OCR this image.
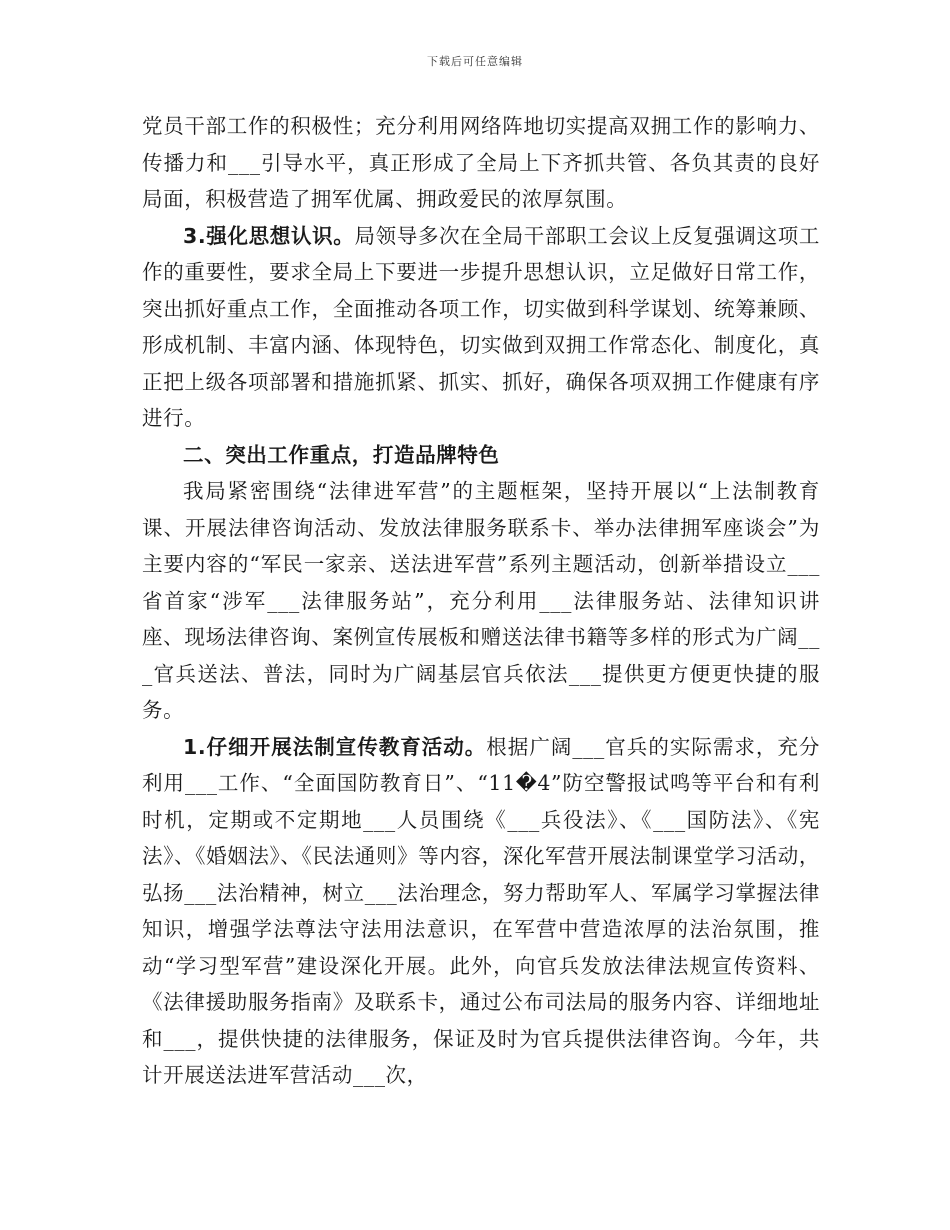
下载后可任意编辑

党员干部工作的积极性；充分利用网络阵地切实提高双拥工作的影响力、传播力和___引导水平，真正形成了全局上下齐抓共管、各负其责的良好局面，积极营造了拥军优属、拥政爱民的浓厚氛围。

3.强化思想认识。局领导多次在全局干部职工会议上反复强调这项工作的重要性，要求全局上下要进一步提升思想认识，立足做好日常工作，突出抓好重点工作，全面推动各项工作，切实做到科学谋划、统筹兼顾、形成机制、丰富内涵、体现特色，切实做到双拥工作常态化、制度化，真正把上级各项部署和措施抓紧、抓实、抓好，确保各项双拥工作健康有序进行。

二、突出工作重点，打造品牌特色

我局紧密围绕“法律进军营”的主题框架，坚持开展以“上法制教育课、开展法律咨询活动、发放法律服务联系卡、举办法律拥军座谈会”为主要内容的“军民一家亲、送法进军营”系列主题活动，创新举措设立___省首家“涉军___法律服务站”，充分利用___法律服务站、法律知识讲座、现场法律咨询、案例宣传展板和赠送法律书籍等多样的形式为广阔___官兵送法、普法，同时为广阔基层官兵依法___提供更方便更快捷的服务。

1.仔细开展法制宣传教育活动。根据广阔___官兵的实际需求，充分利用___工作、“全面国防教育日”、“11�4”防空警报试鸣等平台和有利时机，定期或不定期地___人员围绕《___兵役法》、《___国防法》、《宪法》、《婚姻法》、《民法通则》等内容，深化军营开展法制课堂学习活动，弘扬___法治精神，树立___法治理念，努力帮助军人、军属学习掌握法律知识，增强学法尊法守法用法意识，在军营中营造浓厚的法治氛围，推动“学习型军营”建设深化开展。此外，向官兵发放法律法规宣传资料、《法律援助服务指南》及联系卡，通过公布司法局的服务内容、详细地址和___，提供快捷的法律服务，保证及时为官兵提供法律咨询。今年，共计开展送法进军营活动___次，
